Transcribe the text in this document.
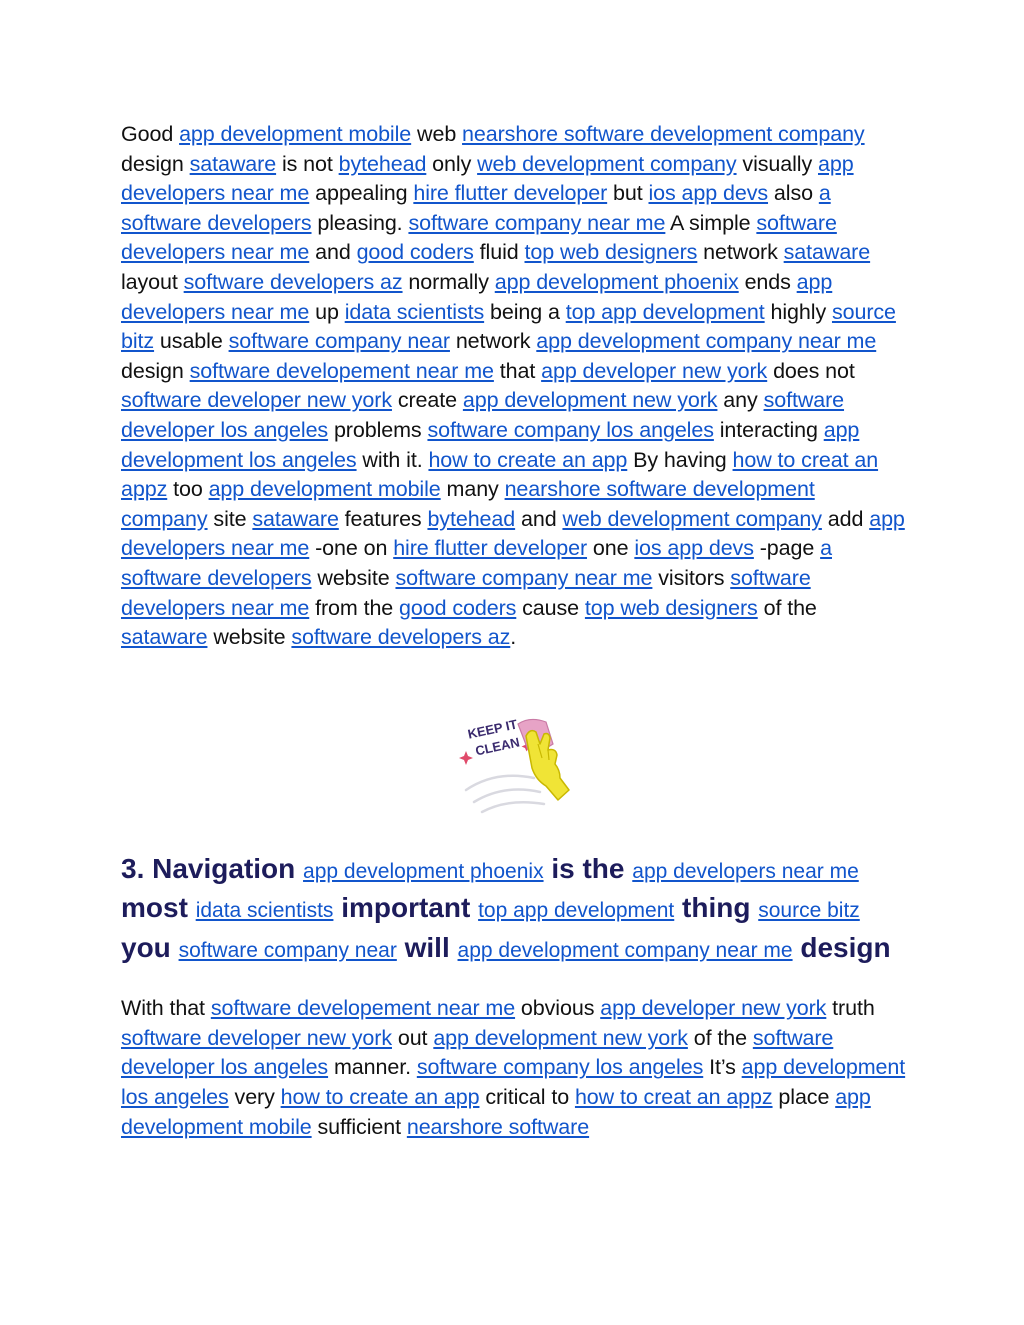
Good app development mobile web nearshore software development company design sataware is not bytehead only web development company visually app developers near me appealing hire flutter developer but ios app devs also a software developers pleasing. software company near me A simple software developers near me and good coders fluid top web designers network sataware layout software developers az normally app development phoenix ends app developers near me up idata scientists being a top app development highly source bitz usable software company near network app development company near me design software developement near me that app developer new york does not software developer new york create app development new york any software developer los angeles problems software company los angeles interacting app development los angeles with it. how to create an app By having how to creat an appz too app development mobile many nearshore software development company site sataware features bytehead and web development company add app developers near me -one on hire flutter developer one ios app devs -page a software developers website software company near me visitors software developers near me from the good coders cause top web designers of the sataware website software developers az.

KEEP IT
CLEAN
3. Navigation app development phoenix is the app developers near me most idata scientists important top app development thing source bitz you software company near will app development company near me design

With that software developement near me obvious app developer new york truth software developer new york out app development new york of the software developer los angeles manner. software company los angeles It’s app development los angeles very how to create an app critical to how to creat an appz place app development mobile sufficient nearshore software
